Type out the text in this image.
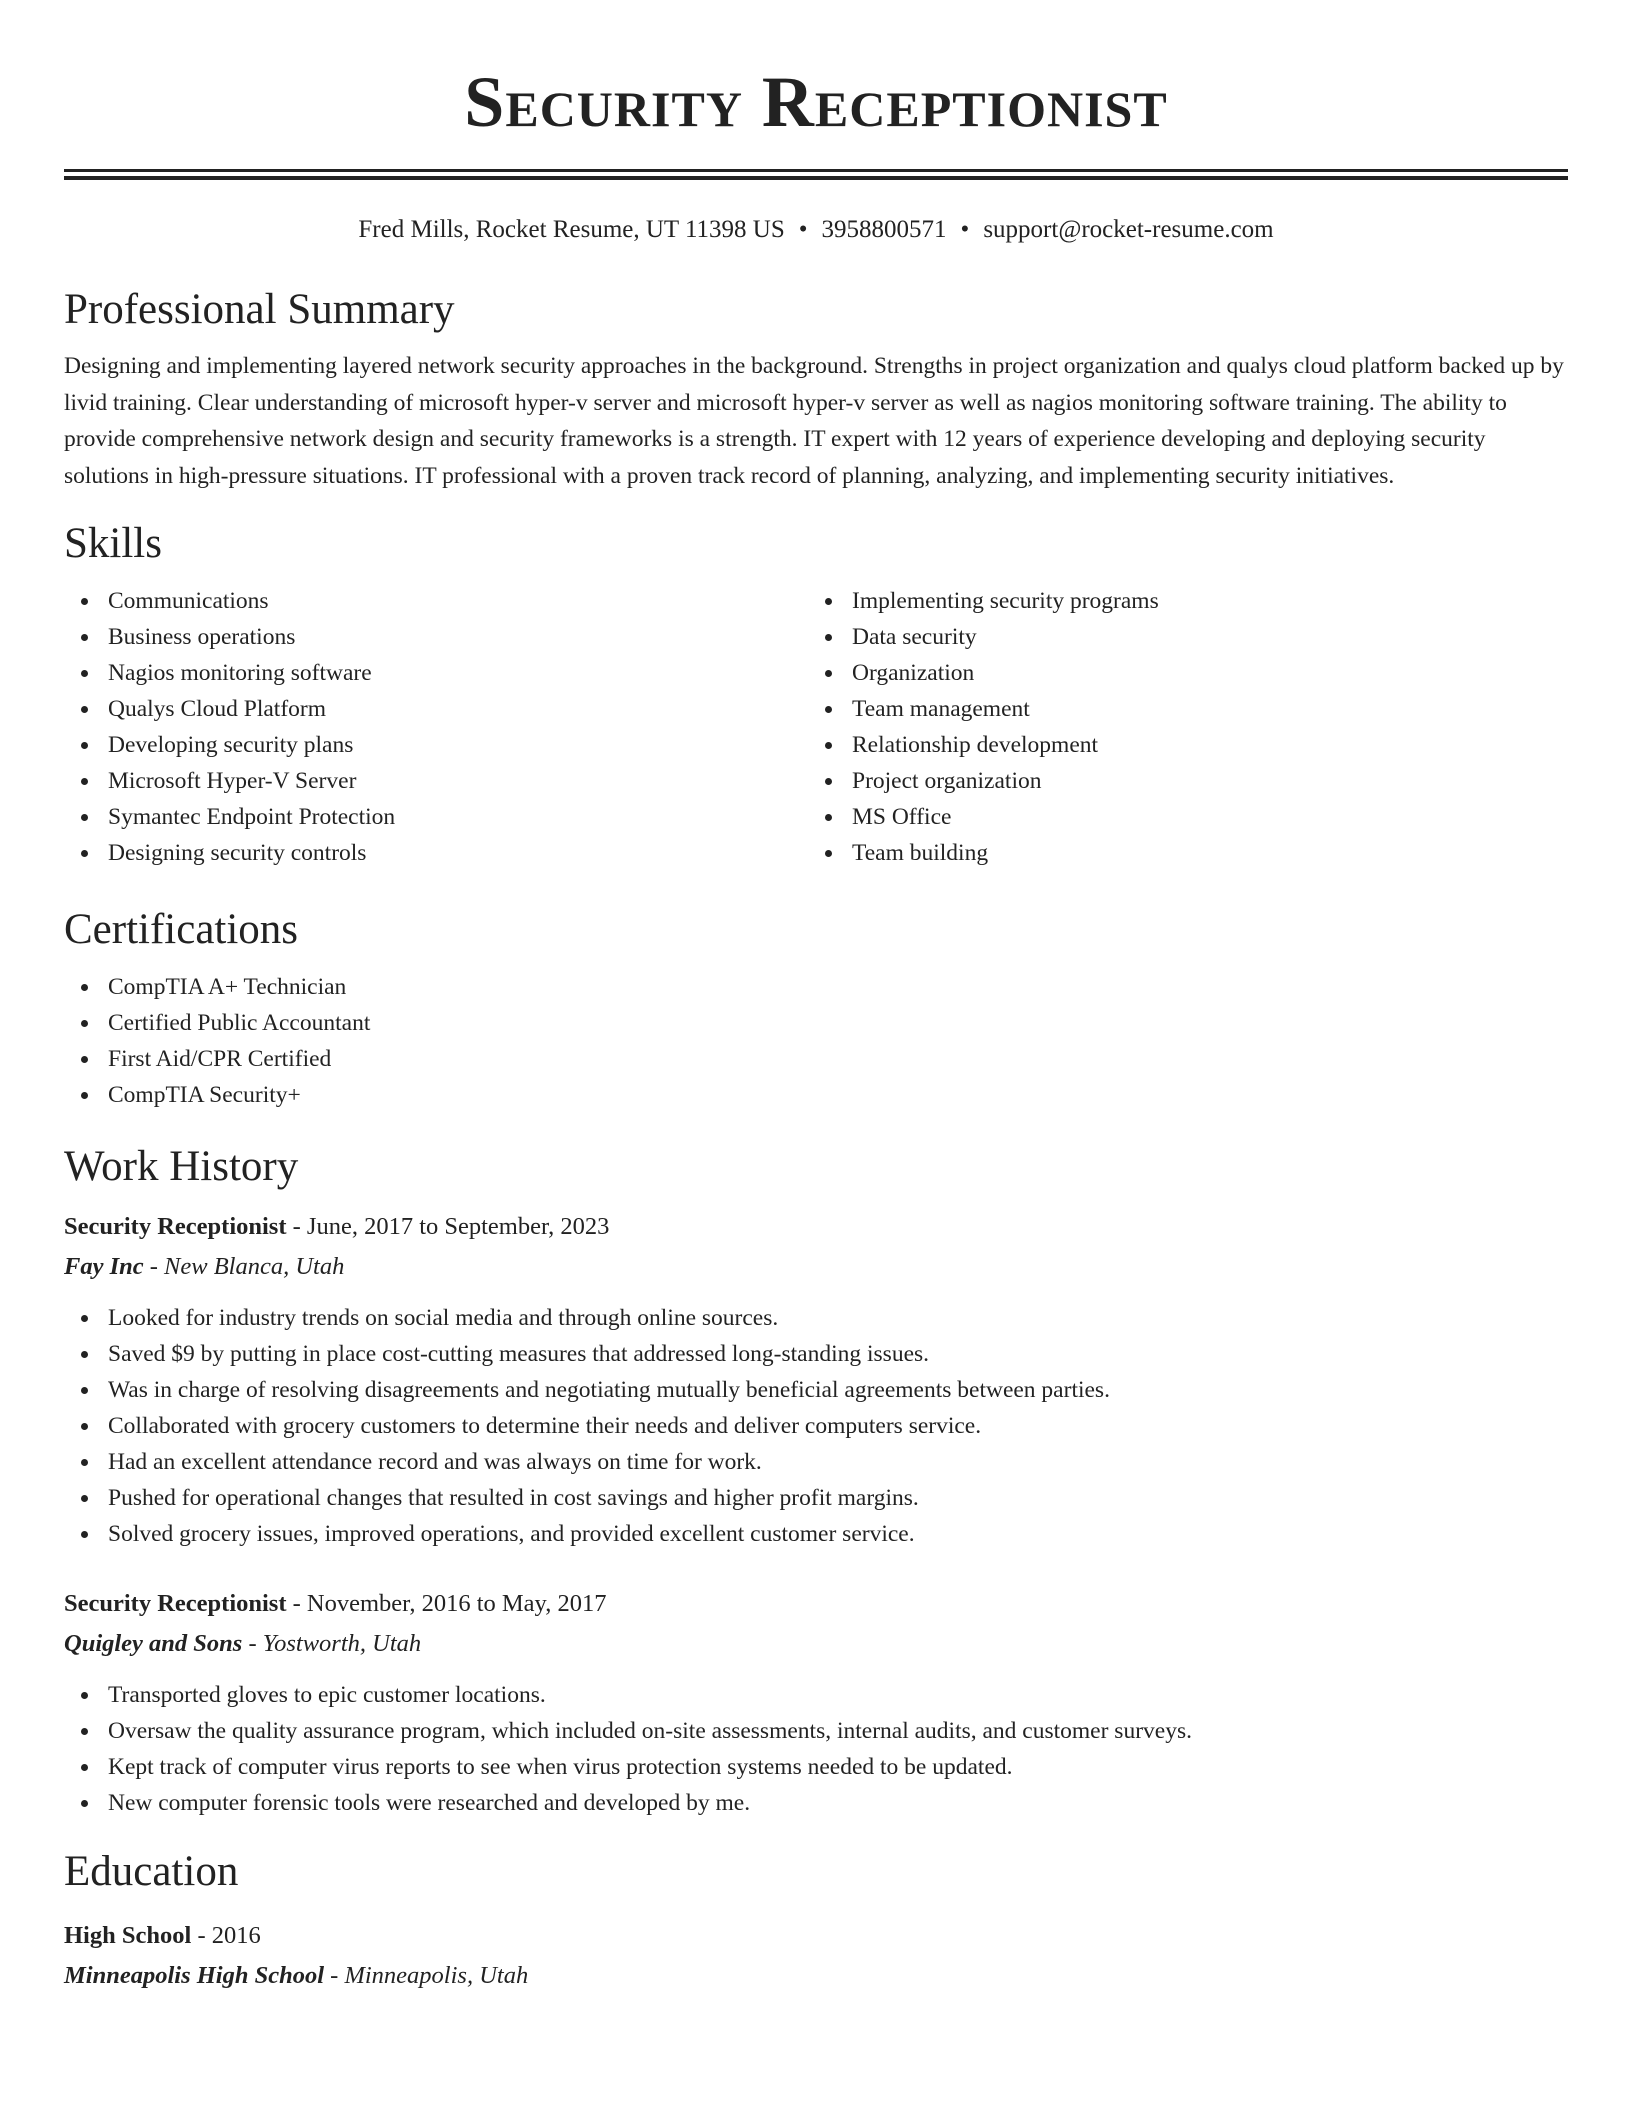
Security Receptionist
Fred Mills, Rocket Resume, UT 11398 US • 3958800571 • support@rocket-resume.com
Professional Summary

Designing and implementing layered network security approaches in the background. Strengths in project organization and qualys cloud platform backed up by livid training. Clear understanding of microsoft hyper-v server and microsoft hyper-v server as well as nagios monitoring software training. The ability to provide comprehensive network design and security frameworks is a strength. IT expert with 12 years of experience developing and deploying security solutions in high-pressure situations. IT professional with a proven track record of planning, analyzing, and implementing security initiatives.

Skills
Communications
Business operations
Nagios monitoring software
Qualys Cloud Platform
Developing security plans
Microsoft Hyper-V Server
Symantec Endpoint Protection
Designing security controls
Implementing security programs
Data security
Organization
Team management
Relationship development
Project organization
MS Office
Team building
Certifications
CompTIA A+ Technician
Certified Public Accountant
First Aid/CPR Certified
CompTIA Security+
Work History
Security Receptionist - June, 2017 to September, 2023
Fay Inc - New Blanca, Utah
Looked for industry trends on social media and through online sources.
Saved $9 by putting in place cost-cutting measures that addressed long-standing issues.
Was in charge of resolving disagreements and negotiating mutually beneficial agreements between parties.
Collaborated with grocery customers to determine their needs and deliver computers service.
Had an excellent attendance record and was always on time for work.
Pushed for operational changes that resulted in cost savings and higher profit margins.
Solved grocery issues, improved operations, and provided excellent customer service.
Security Receptionist - November, 2016 to May, 2017
Quigley and Sons - Yostworth, Utah
Transported gloves to epic customer locations.
Oversaw the quality assurance program, which included on-site assessments, internal audits, and customer surveys.
Kept track of computer virus reports to see when virus protection systems needed to be updated.
New computer forensic tools were researched and developed by me.
Education
High School - 2016
Minneapolis High School - Minneapolis, Utah
